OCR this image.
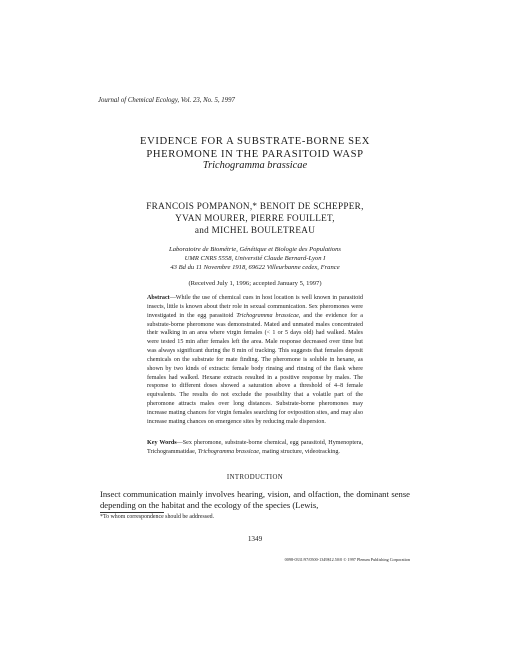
Journal of Chemical Ecology, Vol. 23, No. 5, 1997
EVIDENCE FOR A SUBSTRATE-BORNE SEX
PHEROMONE IN THE PARASITOID WASP
Trichogramma brassicae
FRANCOIS POMPANON,* BENOIT DE SCHEPPER,
YVAN MOURER, PIERRE FOUILLET,
and MICHEL BOULETREAU
Laboratoire de Biométrie, Génétique et Biologie des Populations
UMR CNRS 5558, Université Claude Bernard-Lyon I
43 Bd du 11 Novembre 1918, 69622 Villeurbanne cedex, France
(Received July 1, 1996; accepted January 5, 1997)
Abstract—While the use of chemical cues in host location is well known in parasitoid insects, little is known about their role in sexual communication. Sex pheromones were investigated in the egg parasitoid Trichogramma brassicae, and the evidence for a substrate-borne pheromone was demonstrated. Mated and unmated males concentrated their walking in an area where virgin females (< 1 or 5 days old) had walked. Males were tested 15 min after females left the area. Male response decreased over time but was always significant during the 8 min of tracking. This suggests that females deposit chemicals on the substrate for mate finding. The pheromone is soluble in hexane, as shown by two kinds of extracts: female body rinsing and rinsing of the flask where females had walked. Hexane extracts resulted in a positive response by males. The response to different doses showed a saturation above a threshold of 4–8 female equivalents. The results do not exclude the possibility that a volatile part of the pheromone attracts males over long distances. Substrate-borne pheromones may increase mating chances for virgin females searching for oviposition sites, and may also increase mating chances on emergence sites by reducing male dispersion.
Key Words—Sex pheromone, substrate-borne chemical, egg parasitoid, Hymenoptera, Trichogrammatidae, Trichogramma brassicae, mating structure, videotracking.
INTRODUCTION
Insect communication mainly involves hearing, vision, and olfaction, the dominant sense depending on the habitat and the ecology of the species (Lewis,
*To whom correspondence should be addressed.
1349
0098-0331/97/0500-1349$12.50/0 © 1997 Plenum Publishing Corporation
